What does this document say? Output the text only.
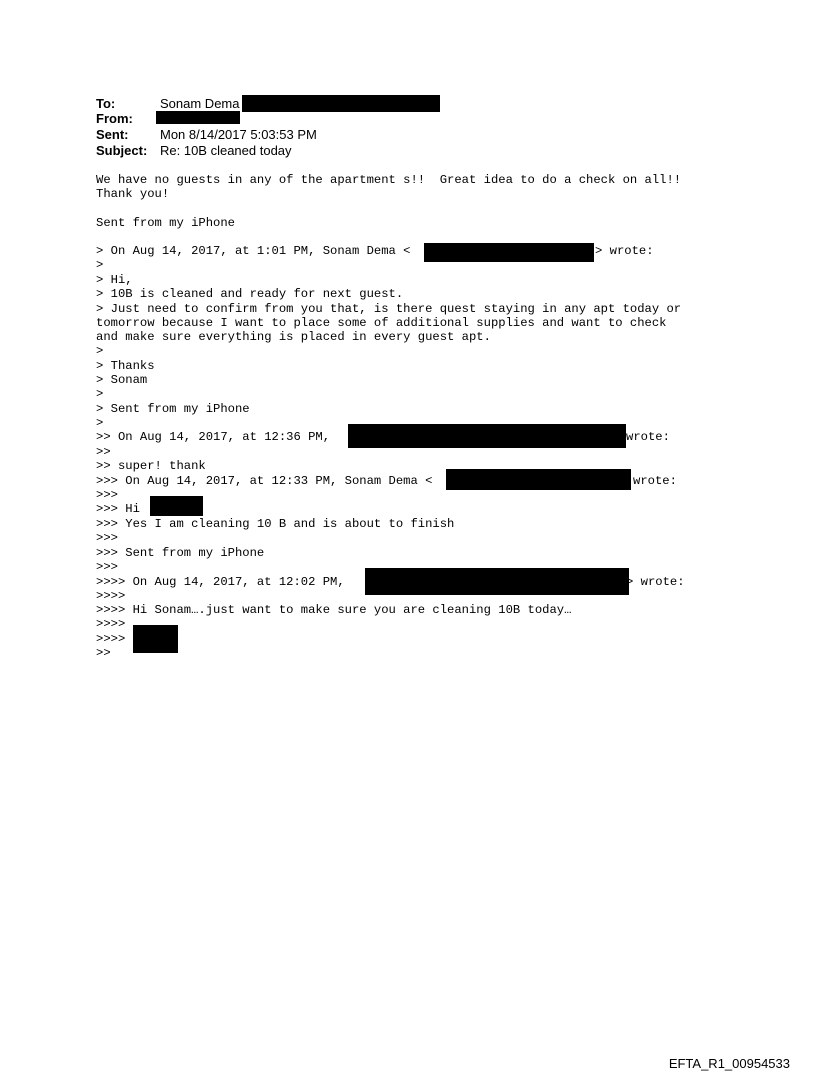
To:	Sonam Dema
From:
Sent: Mon 8/14/2017 5:03:53 PM
Subject: Re: 10B cleaned today
We have no guests in any of the apartment s!!  Great idea to do a check on all!!
Thank you!
Sent from my iPhone
> On Aug 14, 2017, at 1:01 PM, Sonam Dema <	> wrote:
>
> Hi,
> 10B is cleaned and ready for next guest.
> Just need to confirm from you that, is there quest staying in any apt today or
tomorrow because I want to place some of additional supplies and want to check
and make sure everything is placed in every guest apt.
>
> Thanks
> Sonam
>
> Sent from my iPhone
>
>> On Aug 14, 2017, at 12:36 PM,	wrote:
>>
>> super! thank
>>> On Aug 14, 2017, at 12:33 PM, Sonam Dema <	wrote:
>>>
>>> Hi
>>> Yes I am cleaning 10 B and is about to finish
>>>
>>> Sent from my iPhone
>>>
>>>> On Aug 14, 2017, at 12:02 PM,	> wrote:
>>>>
>>>> Hi Sonam….just want to make sure you are cleaning 10B today…
>>>>
>>>>
>>
EFTA_R1_00954533
